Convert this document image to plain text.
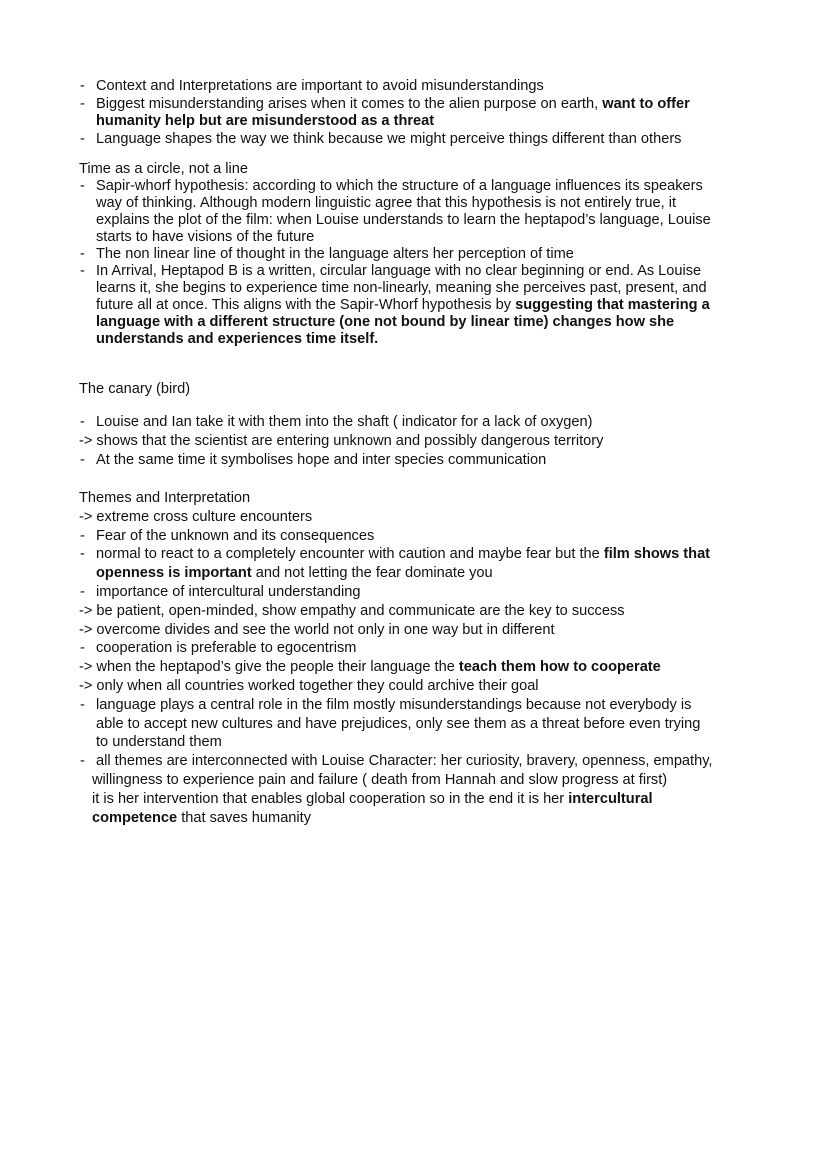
- Context and Interpretations are important to avoid misunderstandings
- Biggest misunderstanding arises when it comes to the alien purpose on earth, want to offer
humanity help but are misunderstood as a threat
- Language shapes the way we think because we might perceive things different than others
Time as a circle, not a line
- Sapir-whorf hypothesis: according to which the structure of a language influences its speakers
way of thinking. Although modern linguistic agree that this hypothesis is not entirely true, it
explains the plot of the film: when Louise understands to learn the heptapod’s language, Louise
starts to have visions of the future
- The non linear line of thought in the language alters her perception of time
- In Arrival, Heptapod B is a written, circular language with no clear beginning or end. As Louise
learns it, she begins to experience time non-linearly, meaning she perceives past, present, and
future all at once. This aligns with the Sapir-Whorf hypothesis by suggesting that mastering a
language with a different structure (one not bound by linear time) changes how she
understands and experiences time itself.
The canary (bird)
- Louise and Ian take it with them into the shaft ( indicator for a lack of oxygen)
-> shows that the scientist are entering unknown and possibly dangerous territory
- At the same time it symbolises hope and inter species communication
Themes and Interpretation
-> extreme cross culture encounters
- Fear of the unknown and its consequences
- normal to react to a completely encounter with caution and maybe fear but the film shows that
openness is important and not letting the fear dominate you
- importance of intercultural understanding
-> be patient, open-minded, show empathy and communicate are the key to success
-> overcome divides and see the world not only in one way but in different
- cooperation is preferable to egocentrism
-> when the heptapod’s give the people their language the teach them how to cooperate
-> only when all countries worked together they could archive their goal
- language plays a central role in the film mostly misunderstandings because not everybody is
able to accept new cultures and have prejudices, only see them as a threat before even trying
to understand them
- all themes are interconnected with Louise Character: her curiosity, bravery, openness, empathy,
willingness to experience pain and failure ( death from Hannah and slow progress at first)
it is her intervention that enables global cooperation so in the end it is her intercultural
competence that saves humanity
